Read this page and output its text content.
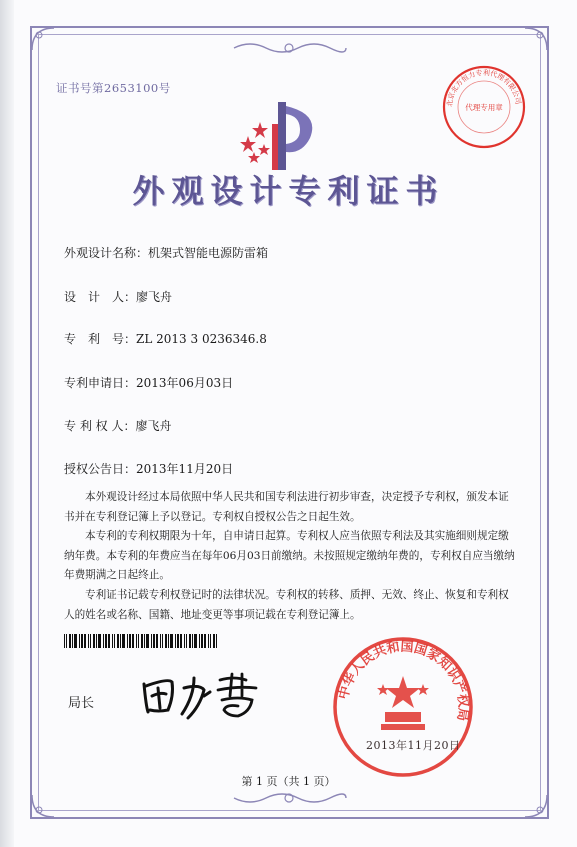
证书号第2653100号
北京北方恒力专利代理有限公司
代理专用章
外观设计专利证书
外观设计名称：机架式智能电源防雷箱
设　计　人：廖飞舟
专　利　号：ZL 2013 3 0236346.8
专利申请日：2013年06月03日
专 利 权 人：廖飞舟
授权公告日：2013年11月20日

本外观设计经过本局依照中华人民共和国专利法进行初步审查，决定授予专利权，颁发本证书并在专利登记簿上予以登记。专利权自授权公告之日起生效。

本专利的专利权期限为十年，自申请日起算。专利权人应当依照专利法及其实施细则规定缴纳年费。本专利的年费应当在每年06月03日前缴纳。未按照规定缴纳年费的，专利权自应当缴纳年费期满之日起终止。

专利证书记载专利权登记时的法律状况。专利权的转移、质押、无效、终止、恢复和专利权人的姓名或名称、国籍、地址变更等事项记载在专利登记簿上。

局长
中华人民共和国国家知识产权局
2013年11月20日
第 1 页（共 1 页）
